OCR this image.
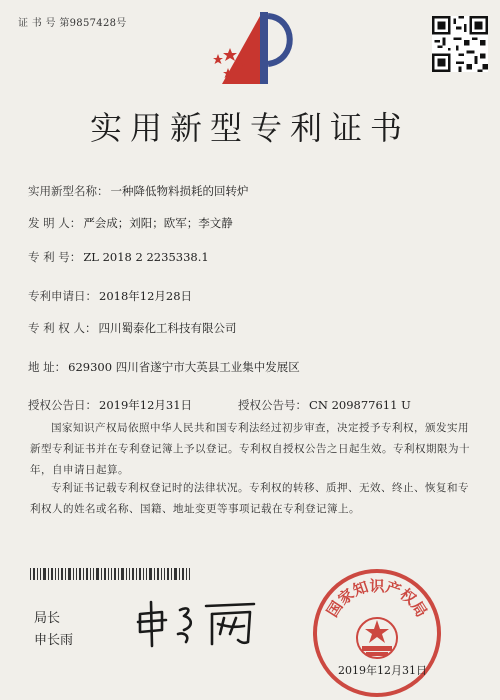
证 书 号 第9857428号
实用新型专利证书
实用新型名称： 一种降低物料损耗的回转炉
发 明 人： 严会成；刘阳；欧军；李文静
专 利 号： ZL 2018 2 2235338.1
专利申请日： 2018年12月28日
专 利 权 人： 四川蜀泰化工科技有限公司
地 址： 629300 四川省遂宁市大英县工业集中发展区
授权公告日： 2019年12月31日	授权公告号： CN 209877611 U
国家知识产权局依照中华人民共和国专利法经过初步审查，决定授予专利权，颁发实用新型专利证书并在专利登记簿上予以登记。专利权自授权公告之日起生效。专利权期限为十年，自申请日起算。
专利证书记载专利权登记时的法律状况。专利权的转移、质押、无效、终止、恢复和专利权人的姓名或名称、国籍、地址变更等事项记载在专利登记簿上。
局长
申长雨
国家知识产权局
2019年12月31日
